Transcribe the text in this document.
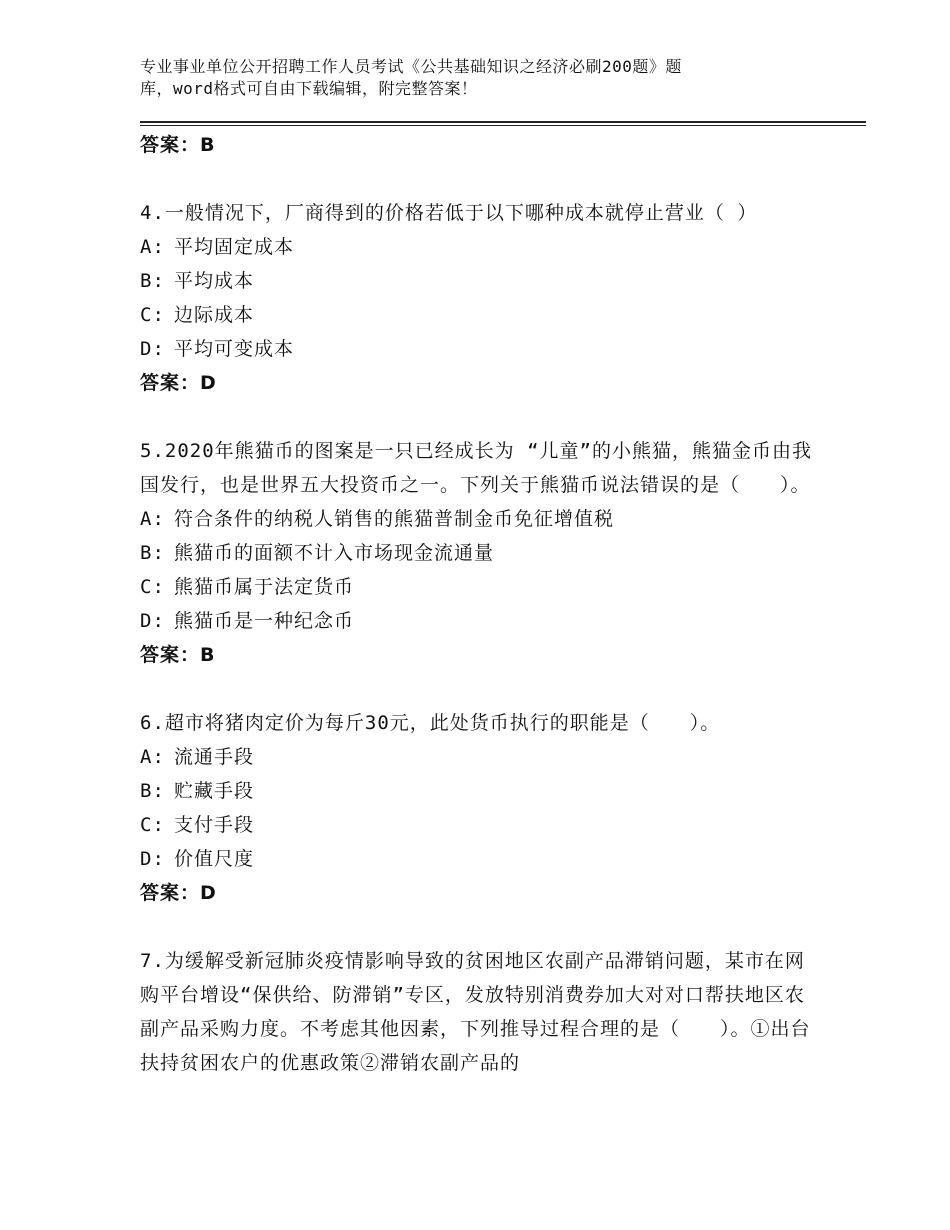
专业事业单位公开招聘工作人员考试《公共基础知识之经济必刷200题》题
库，word格式可自由下载编辑，附完整答案！
答案：B

4.一般情况下，厂商得到的价格若低于以下哪种成本就停止营业（ ）

A: 平均固定成本
B: 平均成本
C: 边际成本
D: 平均可变成本
答案：D

5.2020年熊猫币的图案是一只已经成长为 “儿童”的小熊猫，熊猫金币由我国发行，也是世界五大投资币之一。下列关于熊猫币说法错误的是（　　）。

A: 符合条件的纳税人销售的熊猫普制金币免征增值税
B: 熊猫币的面额不计入市场现金流通量
C: 熊猫币属于法定货币
D: 熊猫币是一种纪念币
答案：B

6.超市将猪肉定价为每斤30元，此处货币执行的职能是（　　）。

A: 流通手段
B: 贮藏手段
C: 支付手段
D: 价值尺度
答案：D

7.为缓解受新冠肺炎疫情影响导致的贫困地区农副产品滞销问题，某市在网购平台增设“保供给、防滞销”专区，发放特别消费券加大对对口帮扶地区农副产品采购力度。不考虑其他因素，下列推导过程合理的是（　　）。①出台扶持贫困农户的优惠政策②滞销农副产品的
